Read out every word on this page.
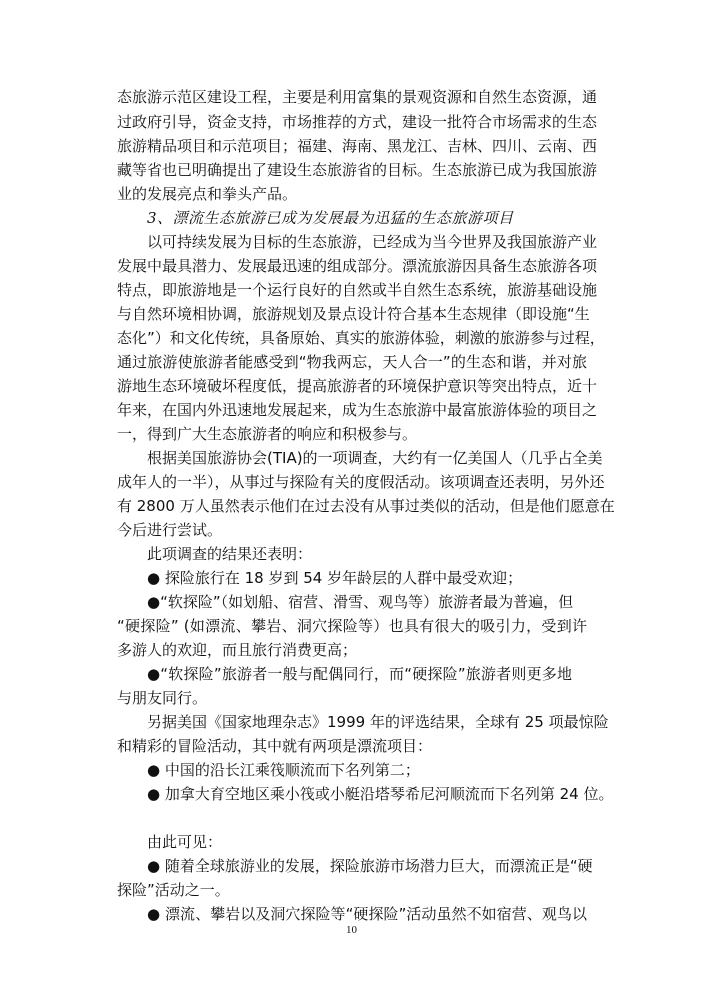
态旅游示范区建设工程，主要是利用富集的景观资源和自然生态资源，通
过政府引导，资金支持，市场推荐的方式，建设一批符合市场需求的生态
旅游精品项目和示范项目；福建、海南、黑龙江、吉林、四川、云南、西
藏等省也已明确提出了建设生态旅游省的目标。生态旅游已成为我国旅游
业的发展亮点和拳头产品。
3、漂流生态旅游已成为发展最为迅猛的生态旅游项目
以可持续发展为目标的生态旅游，已经成为当今世界及我国旅游产业
发展中最具潜力、发展最迅速的组成部分。漂流旅游因具备生态旅游各项
特点，即旅游地是一个运行良好的自然或半自然生态系统，旅游基础设施
与自然环境相协调，旅游规划及景点设计符合基本生态规律（即设施“生
态化”）和文化传统，具备原始、真实的旅游体验，刺激的旅游参与过程，
通过旅游使旅游者能感受到“物我两忘，天人合一”的生态和谐，并对旅
游地生态环境破坏程度低，提高旅游者的环境保护意识等突出特点，近十
年来，在国内外迅速地发展起来，成为生态旅游中最富旅游体验的项目之
一，得到广大生态旅游者的响应和积极参与。
根据美国旅游协会(TIA)的一项调查，大约有一亿美国人（几乎占全美
成年人的一半），从事过与探险有关的度假活动。该项调查还表明，另外还
有 2800 万人虽然表示他们在过去没有从事过类似的活动，但是他们愿意在
今后进行尝试。
此项调查的结果还表明：
● 探险旅行在 18 岁到 54 岁年龄层的人群中最受欢迎；
●“软探险”（如划船、宿营、滑雪、观鸟等）旅游者最为普遍，但
“硬探险” (如漂流、攀岩、洞穴探险等）也具有很大的吸引力，受到许
多游人的欢迎，而且旅行消费更高；
●“软探险”旅游者一般与配偶同行，而“硬探险”旅游者则更多地
与朋友同行。
另据美国《国家地理杂志》1999 年的评选结果，全球有 25 项最惊险
和精彩的冒险活动，其中就有两项是漂流项目：
● 中国的沿长江乘筏顺流而下名列第二；
● 加拿大育空地区乘小筏或小艇沿塔琴希尼河顺流而下名列第 24 位。
由此可见：
● 随着全球旅游业的发展，探险旅游市场潜力巨大，而漂流正是“硬
探险”活动之一。
● 漂流、攀岩以及洞穴探险等“硬探险”活动虽然不如宿营、观鸟以
10
